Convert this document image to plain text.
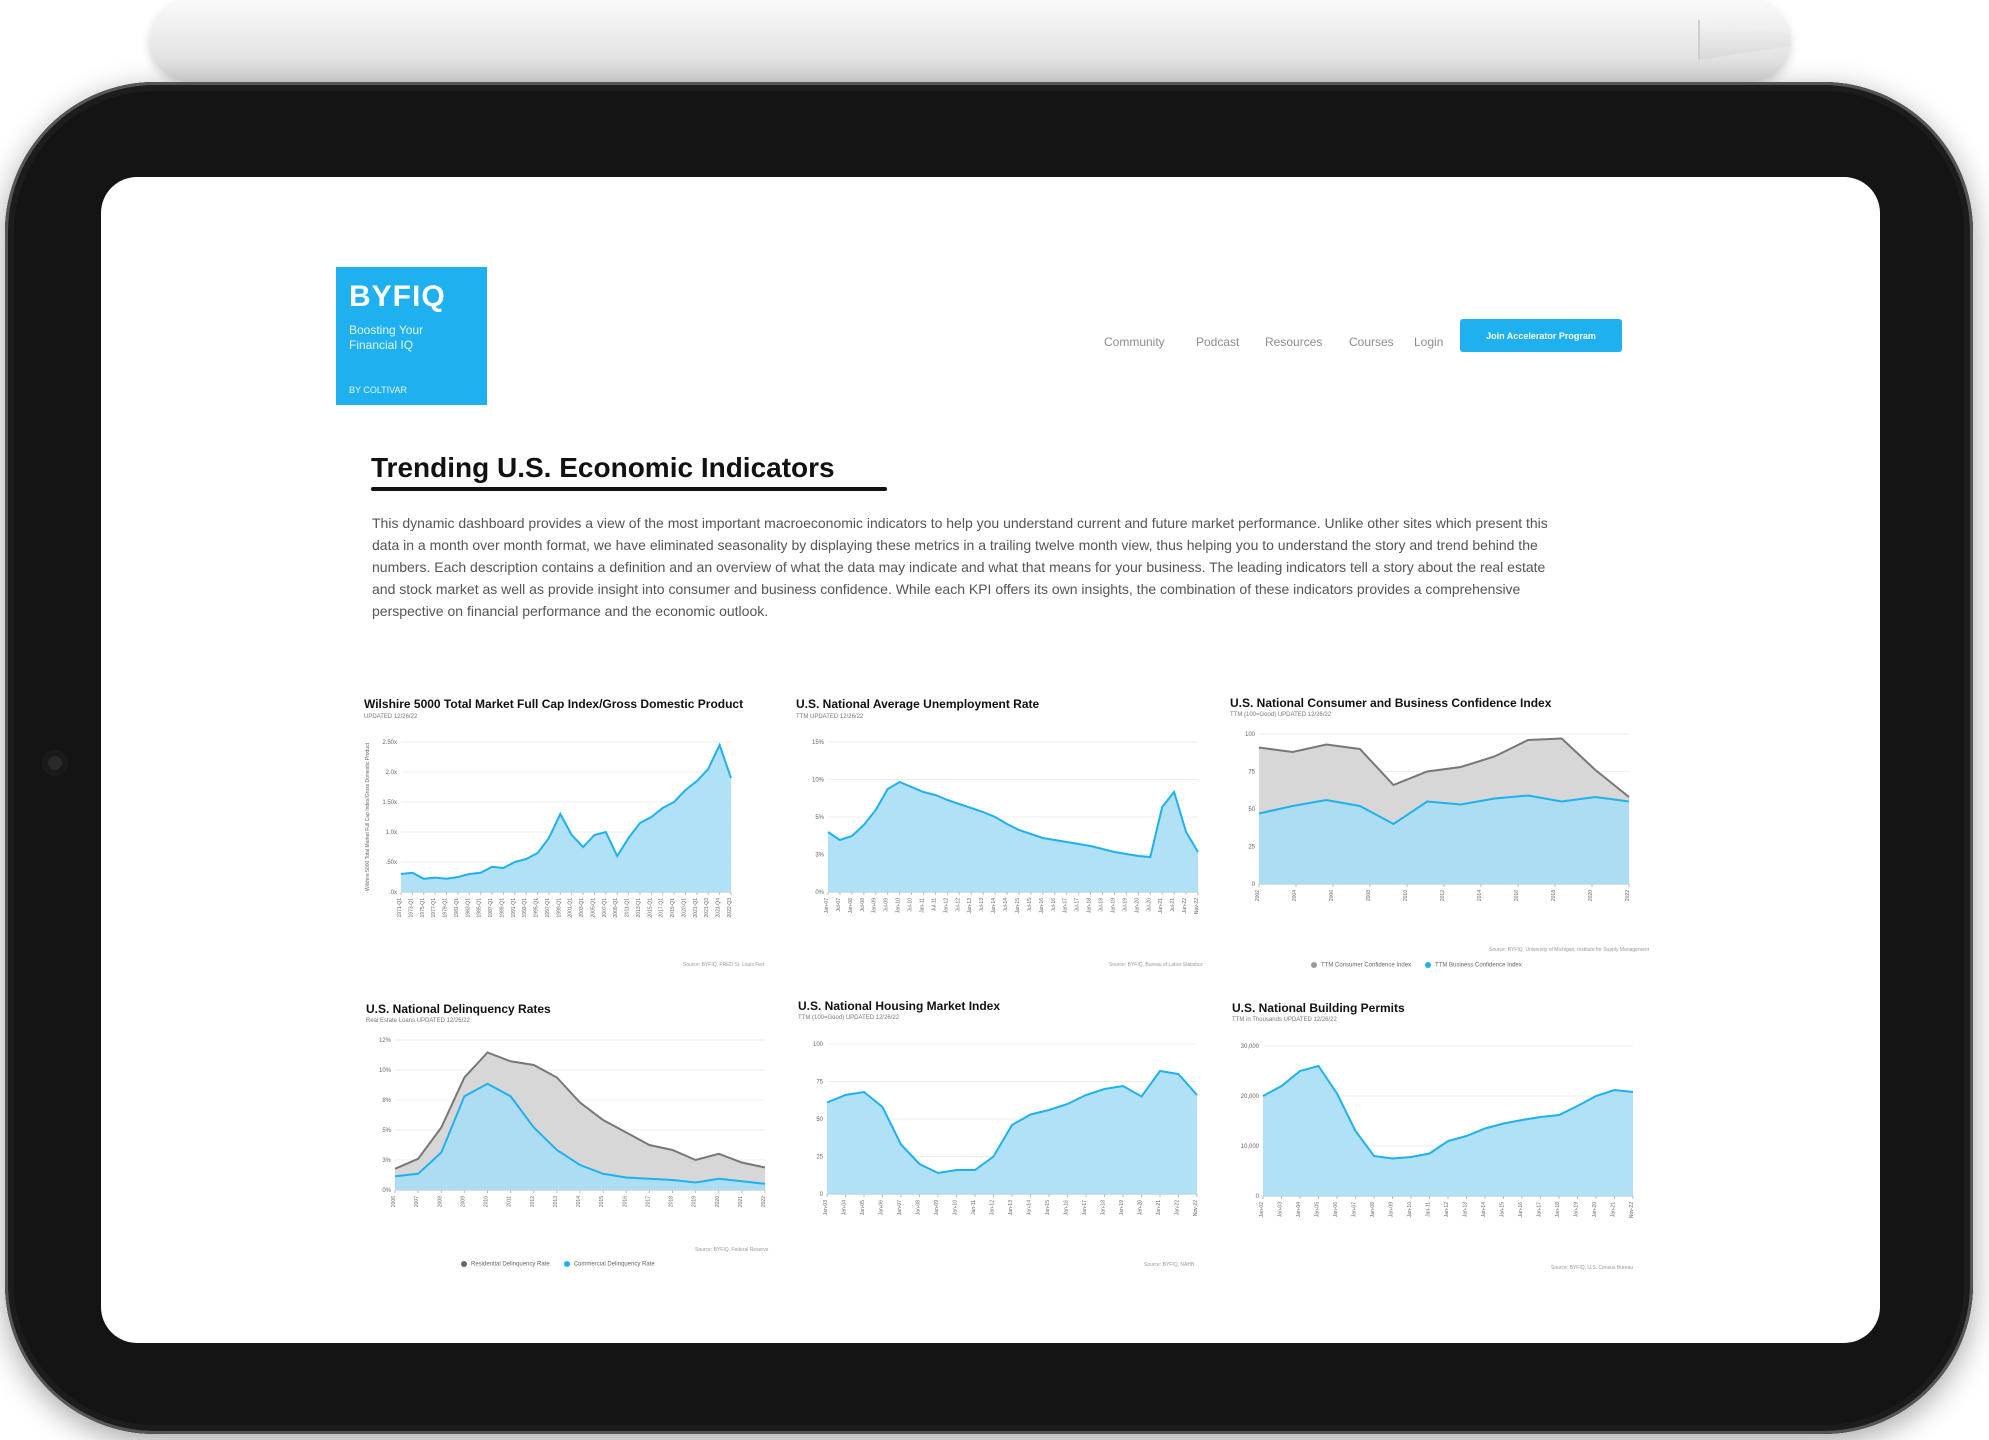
BYFIQ
Boosting Your Financial IQ
BY COLTIVAR
Community	Podcast Resources Courses Login	Join Accelerator Program
Trending U.S. Economic Indicators
This dynamic dashboard provides a view of the most important macroeconomic indicators to help you understand current and future market performance. Unlike other sites which present this data in a month over month format, we have eliminated seasonality by displaying these metrics in a trailing twelve month view, thus helping you to understand the story and trend behind the numbers. Each description contains a definition and an overview of what the data may indicate and what that means for your business. The leading indicators tell a story about the real estate and stock market as well as provide insight into consumer and business confidence. While each KPI offers its own insights, the combination of these indicators provides a comprehensive perspective on financial performance and the economic outlook.
Wilshire 5000 Total Market Full Cap Index/Gross Domestic Product
UPDATED 12/26/22
2.50x
2.0x
1.50x
1.0x
.50x
.0x
Wilshire 5000 Total Market Full Cap Index/Gross Domestic Product
1971-Q1 1973-Q1 1975-Q1 1977-Q1 1979-Q1 1981-Q1 1983-Q1 1985-Q1 1987-Q1 1989-Q1 1991-Q1 1993-Q1 1995-Q1 1997-Q1 1999-Q1 2001-Q1 2003-Q1 2005-Q1 2007-Q1 2009-Q1 2011-Q1 2013-Q1 2015-Q1 2017-Q1 2019-Q1 2020-Q1 2021-Q1 2021-Q3 2021-Q4 2022-Q3
Source: BYFIQ, FRED St. Louis Fed
U.S. National Average Unemployment Rate
TTM UPDATED 12/26/22
15%
10%
5%
3%
0%
Jan-07 Jul-07 Jan-08 Jul-08 Jan-09 Jul-09 Jan-10 Jul-10 Jan-11 Jul-11 Jan-12 Jul-12 Jan-13 Jul-13 Jan-14 Jul-14 Jan-15 Jul-15 Jan-16 Jul-16 Jan-17 Jul-17 Jan-18 Jul-18 Jan-19 Jul-19 Jan-20 Jul-20 Jan-21 Jul-21 Jan-22 Nov-22
Source: BYFIQ, Bureau of Labor Statistics
U.S. National Consumer and Business Confidence Index
TTM (100=Good) UPDATED 12/26/22
100
75
50
25
0
2002	2004	2006	2008	2010	2012	2014	2016	2018	2020	2022
TTM Consumer Confidence Index	TTM Business Confidence Index
Source: BYFIQ, University of Michigan, Institute for Supply Management
U.S. National Delinquency Rates
Real Estate Loans UPDATED 12/26/22
12%
10%
8%
5%
3%
0%
2006	2007	2008	2009	2010	2011	2012	2013	2014	2015	2016	2017	2018	2019	2020	2021	2022
Residential Delinquency Rate	Commercial Delinquency Rate
Source: BYFIQ, Federal Reserve
U.S. National Housing Market Index
TTM (100=Good) UPDATED 12/26/22
100
75
50
25
0
Jan-03	Jan-04	Jan-05	Jan-06	Jan-07	Jan-08	Jan-09	Jan-10	Jan-11	Jan-12	Jan-13	Jan-14	Jan-15	Jan-16	Jan-17	Jan-18	Jan-19	Jan-20	Jan-21	Jan-22	Nov-22
Source: BYFIQ, NAHB
U.S. National Building Permits
TTM in Thousands UPDATED 12/26/22
30,000
20,000
10,000
0
Jan-02	Jan-03	Jan-04	Jan-05	Jan-06	Jan-07	Jan-08	Jan-09	Jan-10	Jan-11	Jan-12	Jan-13	Jan-14	Jan-15	Jan-16	Jan-17	Jan-18	Jan-19	Jan-20	Jan-21	Nov-22
Source: BYFIQ, U.S. Census Bureau
